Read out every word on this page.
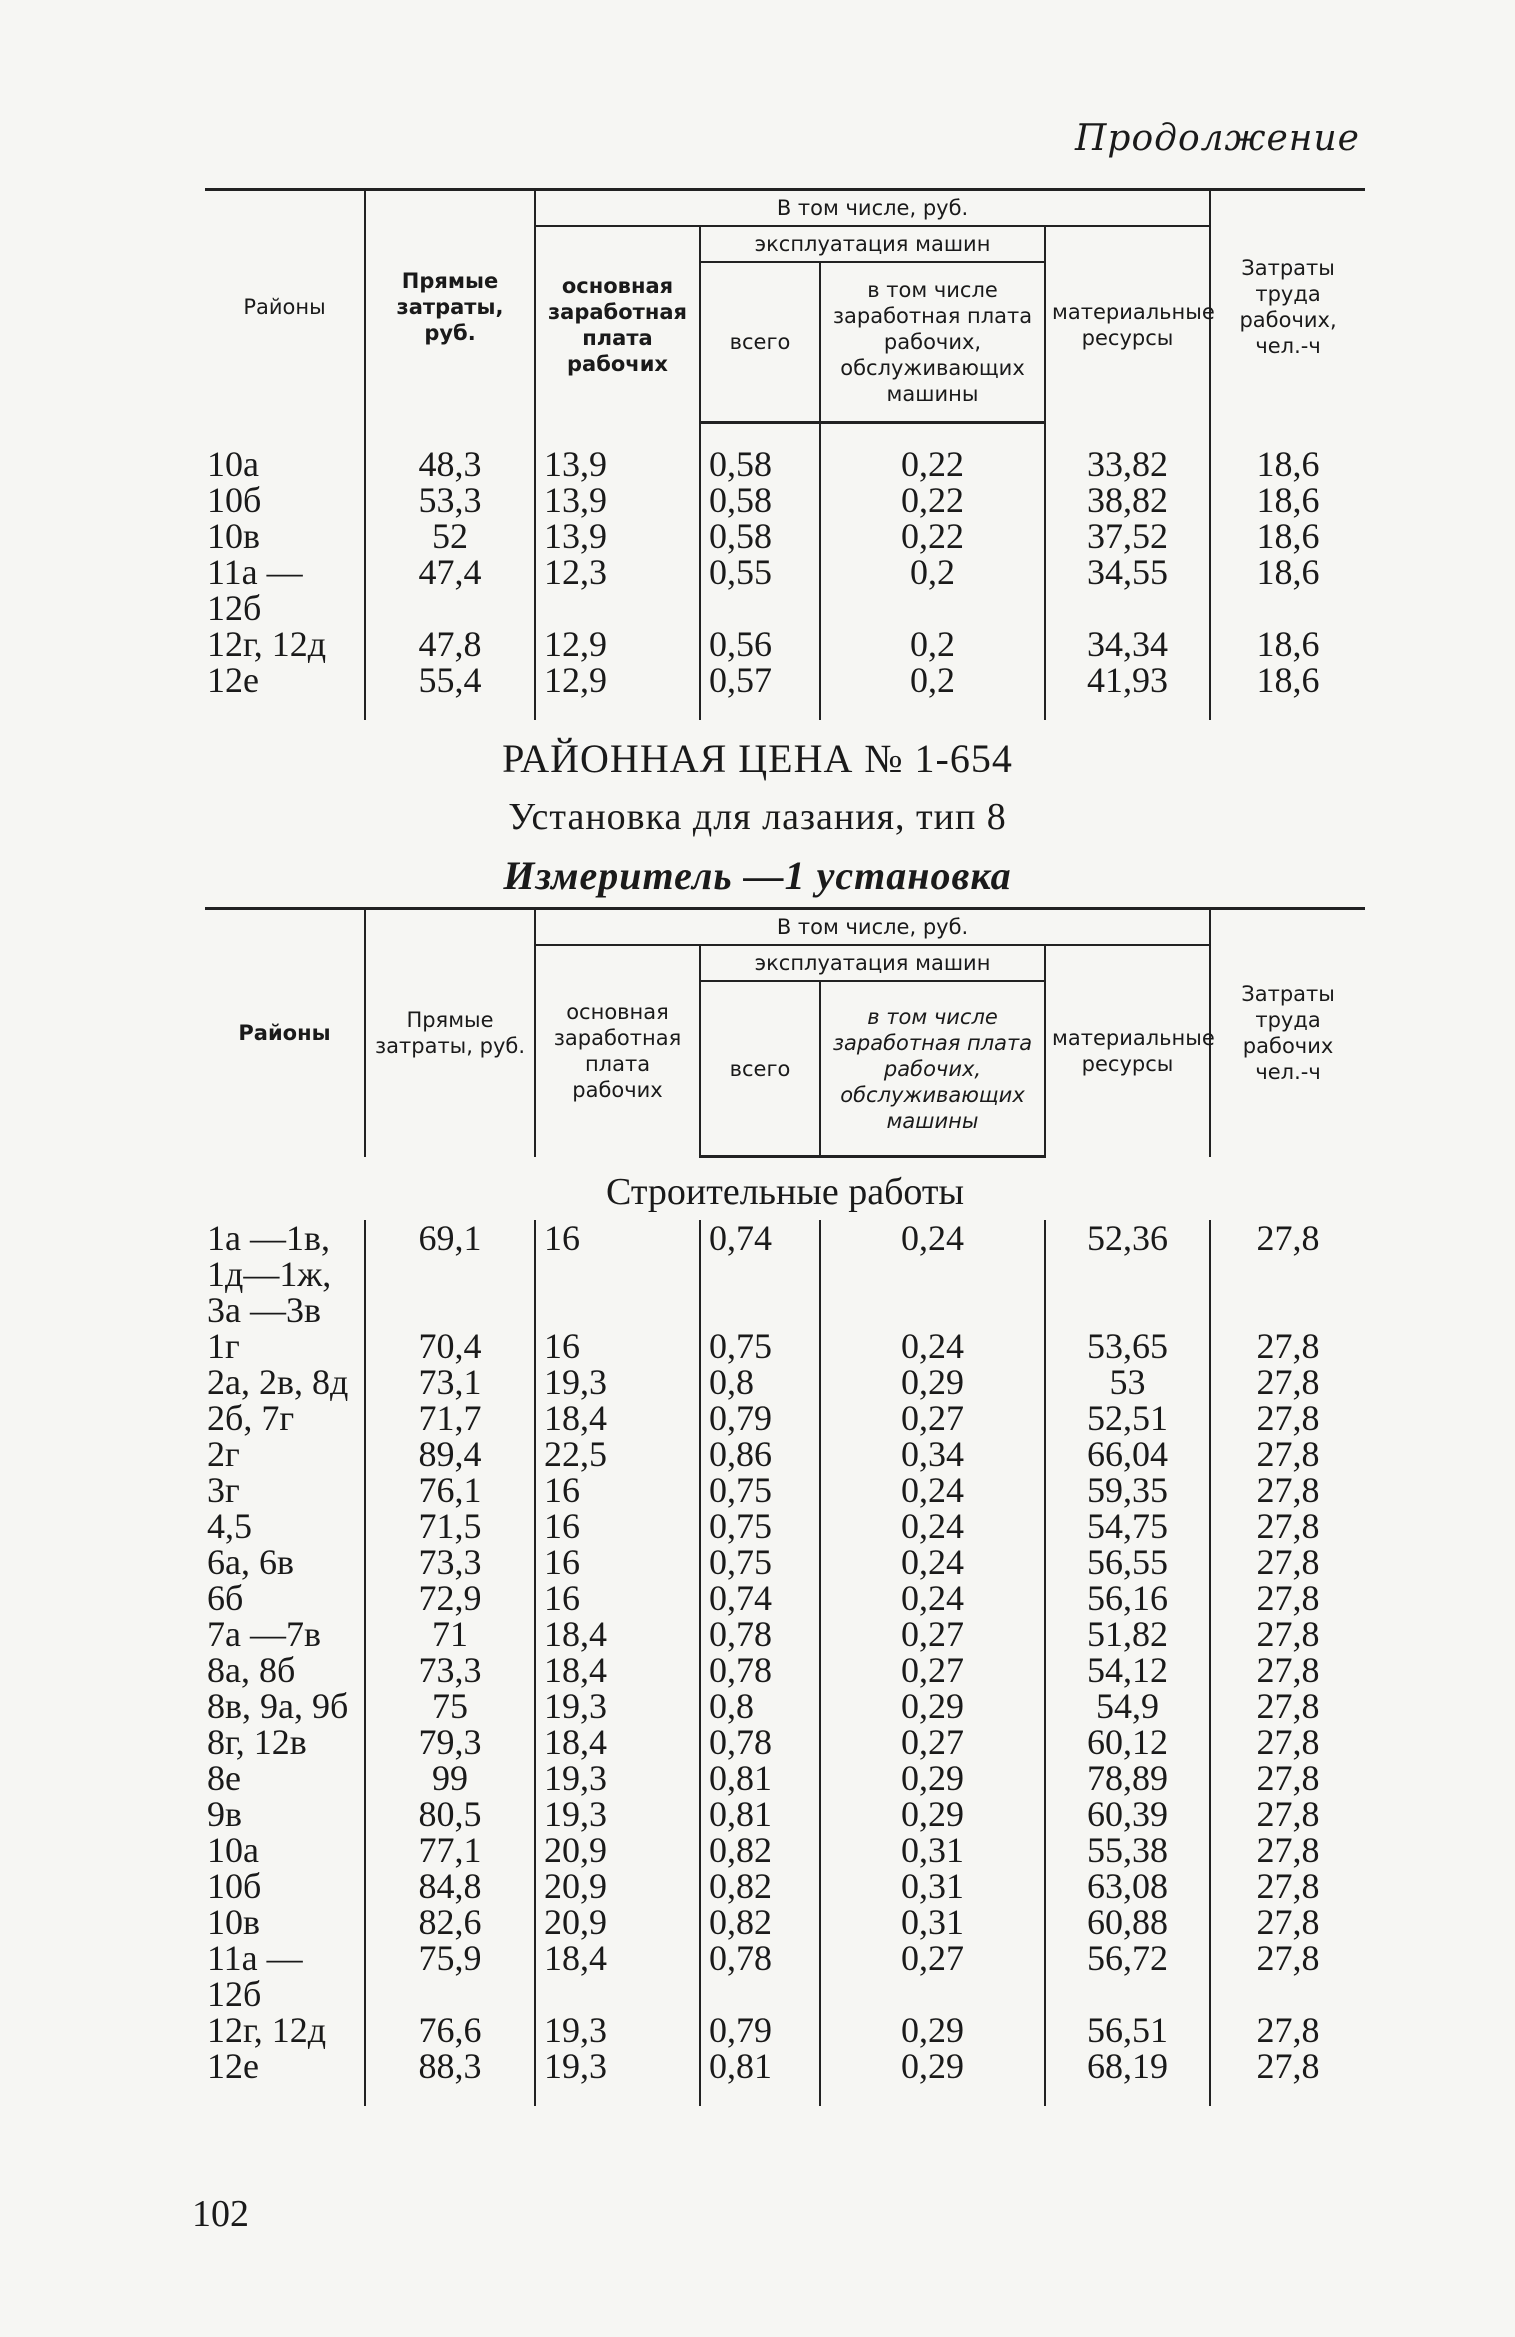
Продолжение
Районы	Прямые затраты, руб.	В том числе, руб.				Затраты труда рабочих, чел.-ч
		основная заработная плата рабочих	эксплуатация машин		материальные ресурсы	
			всего	в том числе заработная плата рабочих, обслуживающих машины		

10а	48,3	13,9	0,58	0,22	33,82	18,6
10б	53,3	13,9	0,58	0,22	38,82	18,6
10в	52	13,9	0,58	0,22	37,52	18,6
11а —12б	47,4	12,3	0,55	0,2	34,55	18,6
12г, 12д	47,8	12,9	0,56	0,2	34,34	18,6
12е	55,4	12,9	0,57	0,2	41,93	18,6

РАЙОННАЯ ЦЕНА № 1-654
Установка для лазания, тип 8
Измеритель —1 установка
Районы	Прямые затраты, руб.	В том числе, руб.				Затраты труда рабочих чел.-ч
		основная заработная плата рабочих	эксплуатация машин		материальные ресурсы	
			всего	в том числе заработная плата рабочих, обслуживающих машины		
Строительные работы						
1а —1в, 1д—1ж, 3а —3в	69,1	16	0,74	0,24	52,36	27,8
1г	70,4	16	0,75	0,24	53,65	27,8
2а, 2в, 8д	73,1	19,3	0,8	0,29	53	27,8
2б, 7г	71,7	18,4	0,79	0,27	52,51	27,8
2г	89,4	22,5	0,86	0,34	66,04	27,8
3г	76,1	16	0,75	0,24	59,35	27,8
4,5	71,5	16	0,75	0,24	54,75	27,8
6а, 6в	73,3	16	0,75	0,24	56,55	27,8
6б	72,9	16	0,74	0,24	56,16	27,8
7а —7в	71	18,4	0,78	0,27	51,82	27,8
8а, 8б	73,3	18,4	0,78	0,27	54,12	27,8
8в, 9а, 9б	75	19,3	0,8	0,29	54,9	27,8
8г, 12в	79,3	18,4	0,78	0,27	60,12	27,8
8е	99	19,3	0,81	0,29	78,89	27,8
9в	80,5	19,3	0,81	0,29	60,39	27,8
10а	77,1	20,9	0,82	0,31	55,38	27,8
10б	84,8	20,9	0,82	0,31	63,08	27,8
10в	82,6	20,9	0,82	0,31	60,88	27,8
11а —12б	75,9	18,4	0,78	0,27	56,72	27,8
12г, 12д	76,6	19,3	0,79	0,29	56,51	27,8
12е	88,3	19,3	0,81	0,29	68,19	27,8

102
